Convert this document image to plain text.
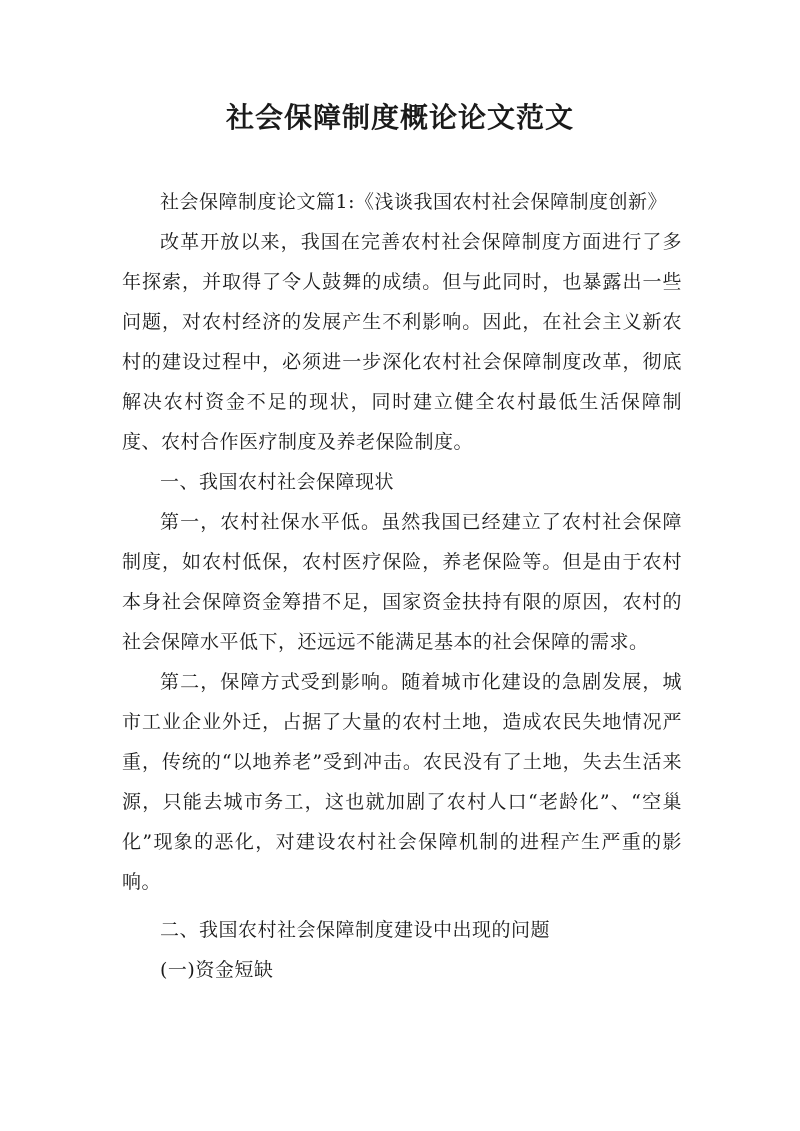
社会保障制度概论论文范文

社会保障制度论文篇1:《浅谈我国农村社会保障制度创新》

改革开放以来，我国在完善农村社会保障制度方面进行了多年探索，并取得了令人鼓舞的成绩。但与此同时，也暴露出一些问题，对农村经济的发展产生不利影响。因此，在社会主义新农村的建设过程中，必须进一步深化农村社会保障制度改革，彻底解决农村资金不足的现状，同时建立健全农村最低生活保障制度、农村合作医疗制度及养老保险制度。

一、我国农村社会保障现状

第一，农村社保水平低。虽然我国已经建立了农村社会保障制度，如农村低保，农村医疗保险，养老保险等。但是由于农村本身社会保障资金筹措不足，国家资金扶持有限的原因，农村的社会保障水平低下，还远远不能满足基本的社会保障的需求。

第二，保障方式受到影响。随着城市化建设的急剧发展，城市工业企业外迁，占据了大量的农村土地，造成农民失地情况严重，传统的“以地养老”受到冲击。农民没有了土地，失去生活来源，只能去城市务工，这也就加剧了农村人口“老龄化”、“空巢化”现象的恶化，对建设农村社会保障机制的进程产生严重的影响。

二、我国农村社会保障制度建设中出现的问题

(一)资金短缺
